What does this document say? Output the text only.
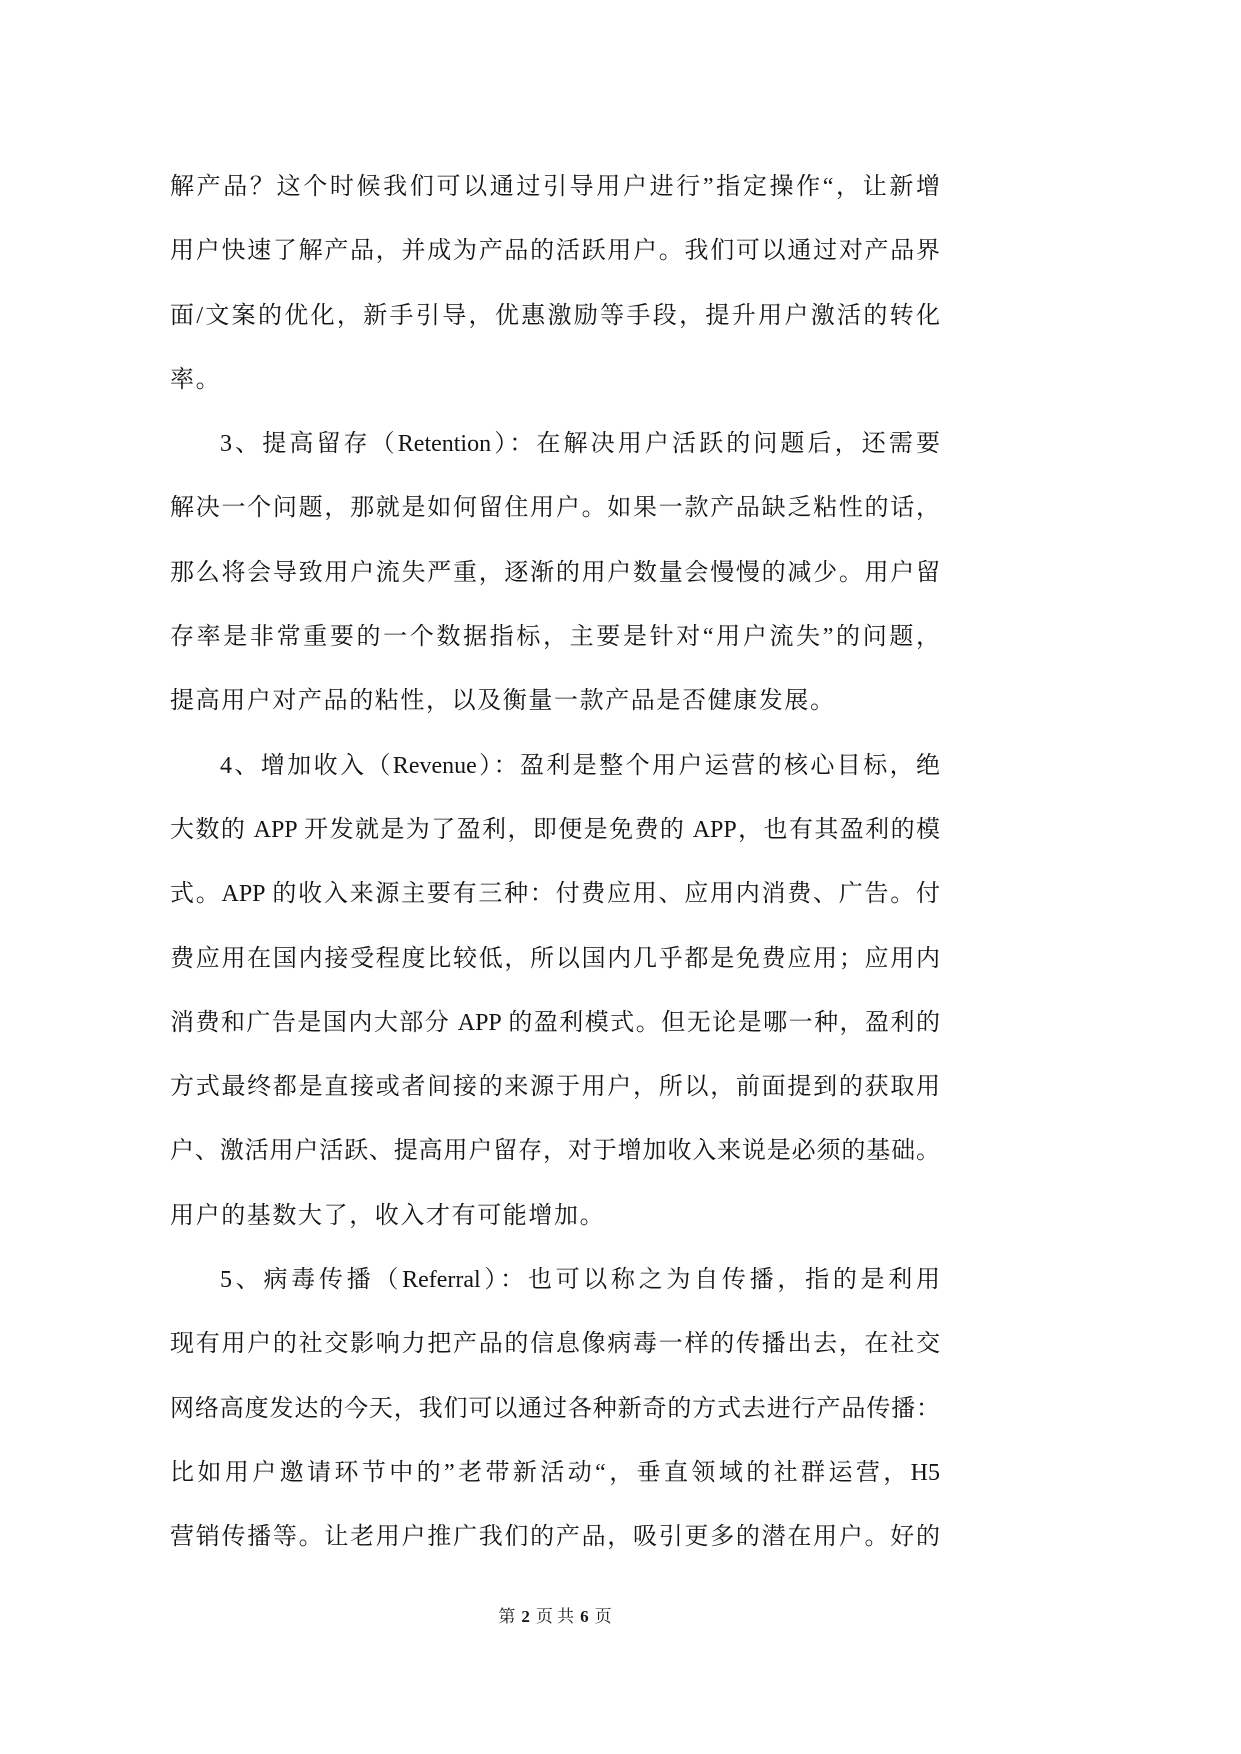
解产品？这个时候我们可以通过引导用户进行”指定操作“，让新增
用户快速了解产品，并成为产品的活跃用户。我们可以通过对产品界
面/文案的优化，新手引导，优惠激励等手段，提升用户激活的转化
率。
3、提高留存（Retention）：在解决用户活跃的问题后，还需要
解决一个问题，那就是如何留住用户。如果一款产品缺乏粘性的话，
那么将会导致用户流失严重，逐渐的用户数量会慢慢的减少。用户留
存率是非常重要的一个数据指标，主要是针对“用户流失”的问题，
提高用户对产品的粘性，以及衡量一款产品是否健康发展。
4、增加收入（Revenue）：盈利是整个用户运营的核心目标，绝
大数的 APP 开发就是为了盈利，即便是免费的 APP，也有其盈利的模
式。APP 的收入来源主要有三种：付费应用、应用内消费、广告。付
费应用在国内接受程度比较低，所以国内几乎都是免费应用；应用内
消费和广告是国内大部分 APP 的盈利模式。但无论是哪一种，盈利的
方式最终都是直接或者间接的来源于用户，所以，前面提到的获取用
户、激活用户活跃、提高用户留存，对于增加收入来说是必须的基础。
用户的基数大了，收入才有可能增加。
5、病毒传播（Referral）：也可以称之为自传播，指的是利用
现有用户的社交影响力把产品的信息像病毒一样的传播出去，在社交
网络高度发达的今天，我们可以通过各种新奇的方式去进行产品传播：
比如用户邀请环节中的”老带新活动“，垂直领域的社群运营，H5
营销传播等。让老用户推广我们的产品，吸引更多的潜在用户。好的
第 2 页 共 6 页
